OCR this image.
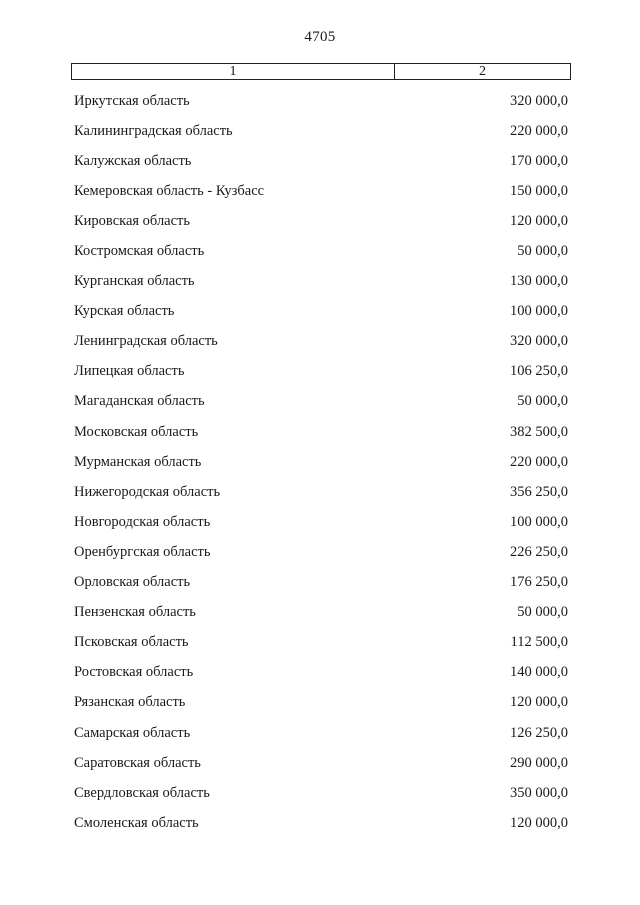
4705
1	2
Иркутская область	320 000,0
Калининградская область	220 000,0
Калужская область	170 000,0
Кемеровская область - Кузбасс	150 000,0
Кировская область	120 000,0
Костромская область	50 000,0
Курганская область	130 000,0
Курская область	100 000,0
Ленинградская область	320 000,0
Липецкая область	106 250,0
Магаданская область	50 000,0
Московская область	382 500,0
Мурманская область	220 000,0
Нижегородская область	356 250,0
Новгородская область	100 000,0
Оренбургская область	226 250,0
Орловская область	176 250,0
Пензенская область	50 000,0
Псковская область	112 500,0
Ростовская область	140 000,0
Рязанская область	120 000,0
Самарская область	126 250,0
Саратовская область	290 000,0
Свердловская область	350 000,0
Смоленская область	120 000,0
